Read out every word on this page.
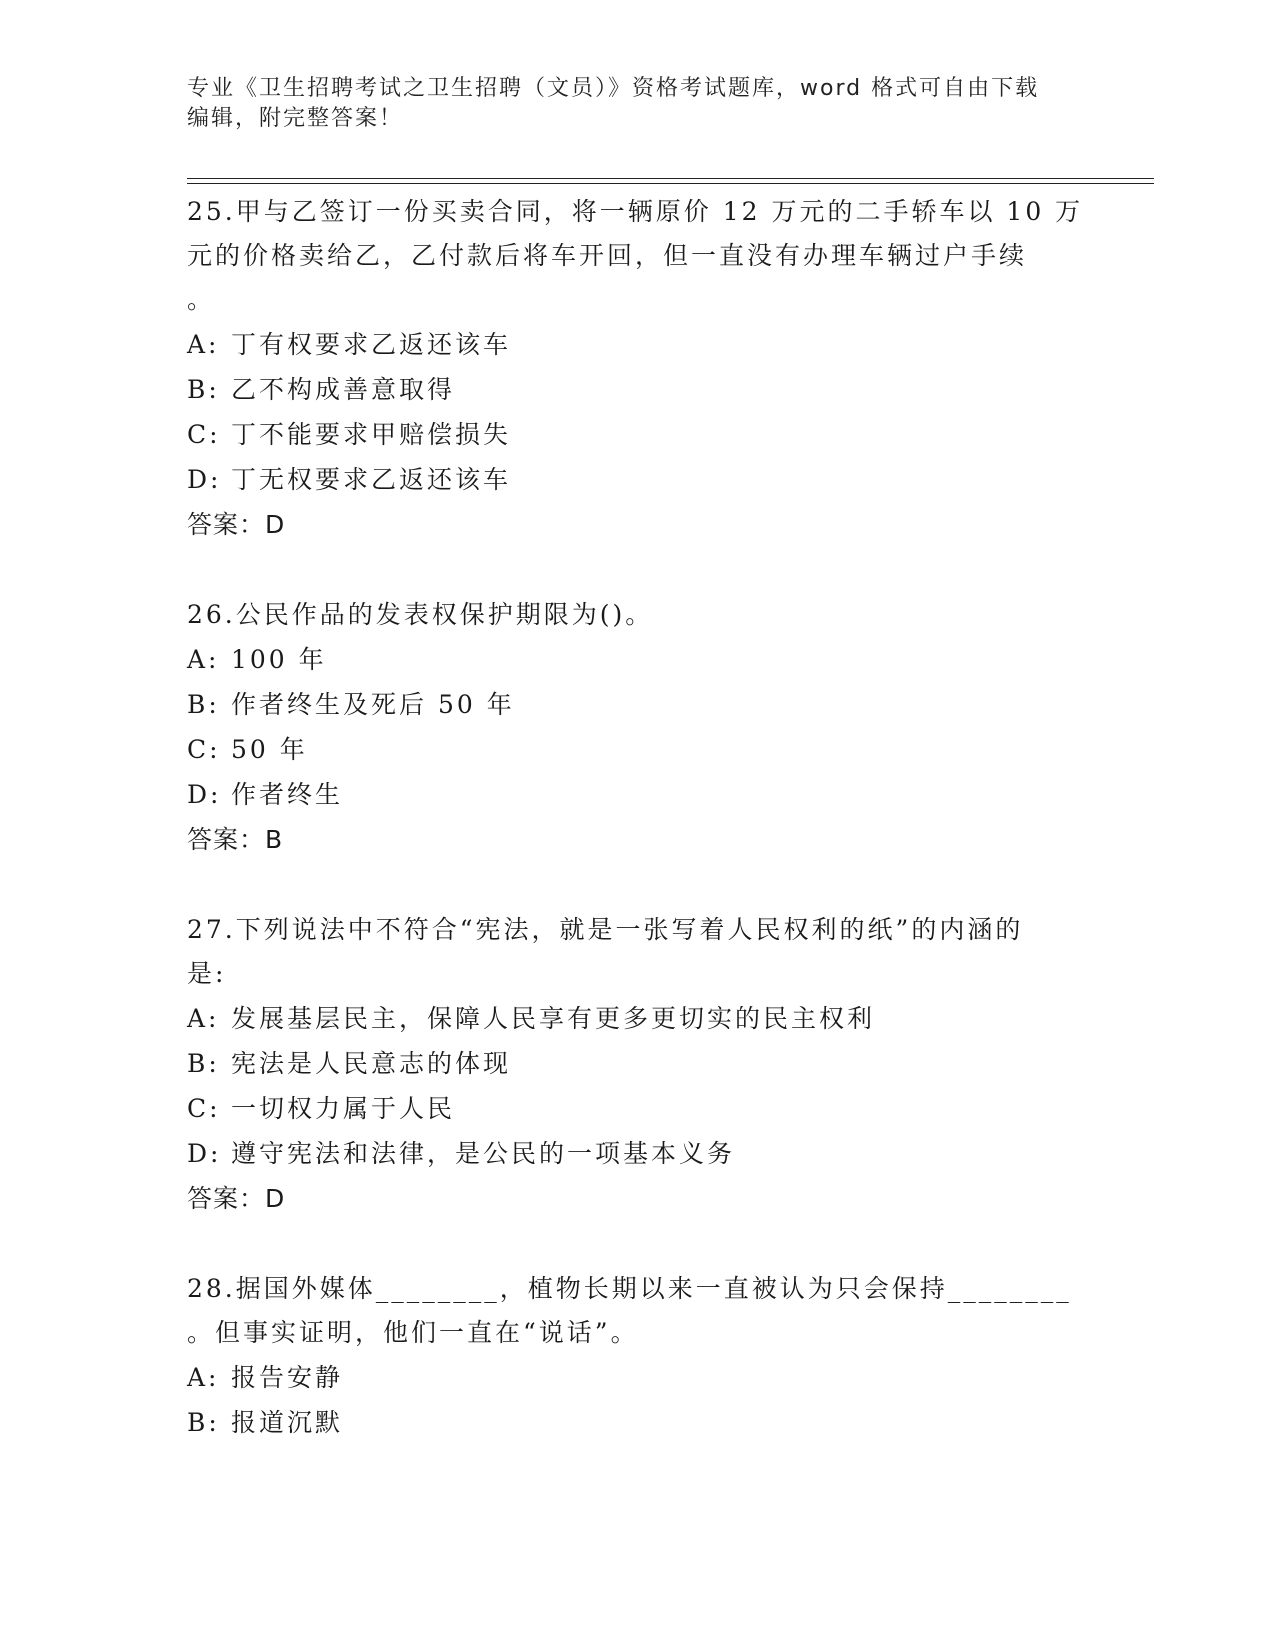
专业《卫生招聘考试之卫生招聘（文员）》资格考试题库，word 格式可自由下载
编辑，附完整答案！
25.甲与乙签订一份买卖合同，将一辆原价 12 万元的二手轿车以 10 万
元的价格卖给乙，乙付款后将车开回，但一直没有办理车辆过户手续
。
A: 丁有权要求乙返还该车
B: 乙不构成善意取得
C: 丁不能要求甲赔偿损失
D: 丁无权要求乙返还该车
答案：D
26.公民作品的发表权保护期限为()。
A: 100 年
B: 作者终生及死后 50 年
C: 50 年
D: 作者终生
答案：B
27.下列说法中不符合“宪法，就是一张写着人民权利的纸”的内涵的
是:
A: 发展基层民主，保障人民享有更多更切实的民主权利
B: 宪法是人民意志的体现
C: 一切权力属于人民
D: 遵守宪法和法律，是公民的一项基本义务
答案：D
28.据国外媒体________，植物长期以来一直被认为只会保持________
。但事实证明，他们一直在“说话”。
A: 报告安静
B: 报道沉默
